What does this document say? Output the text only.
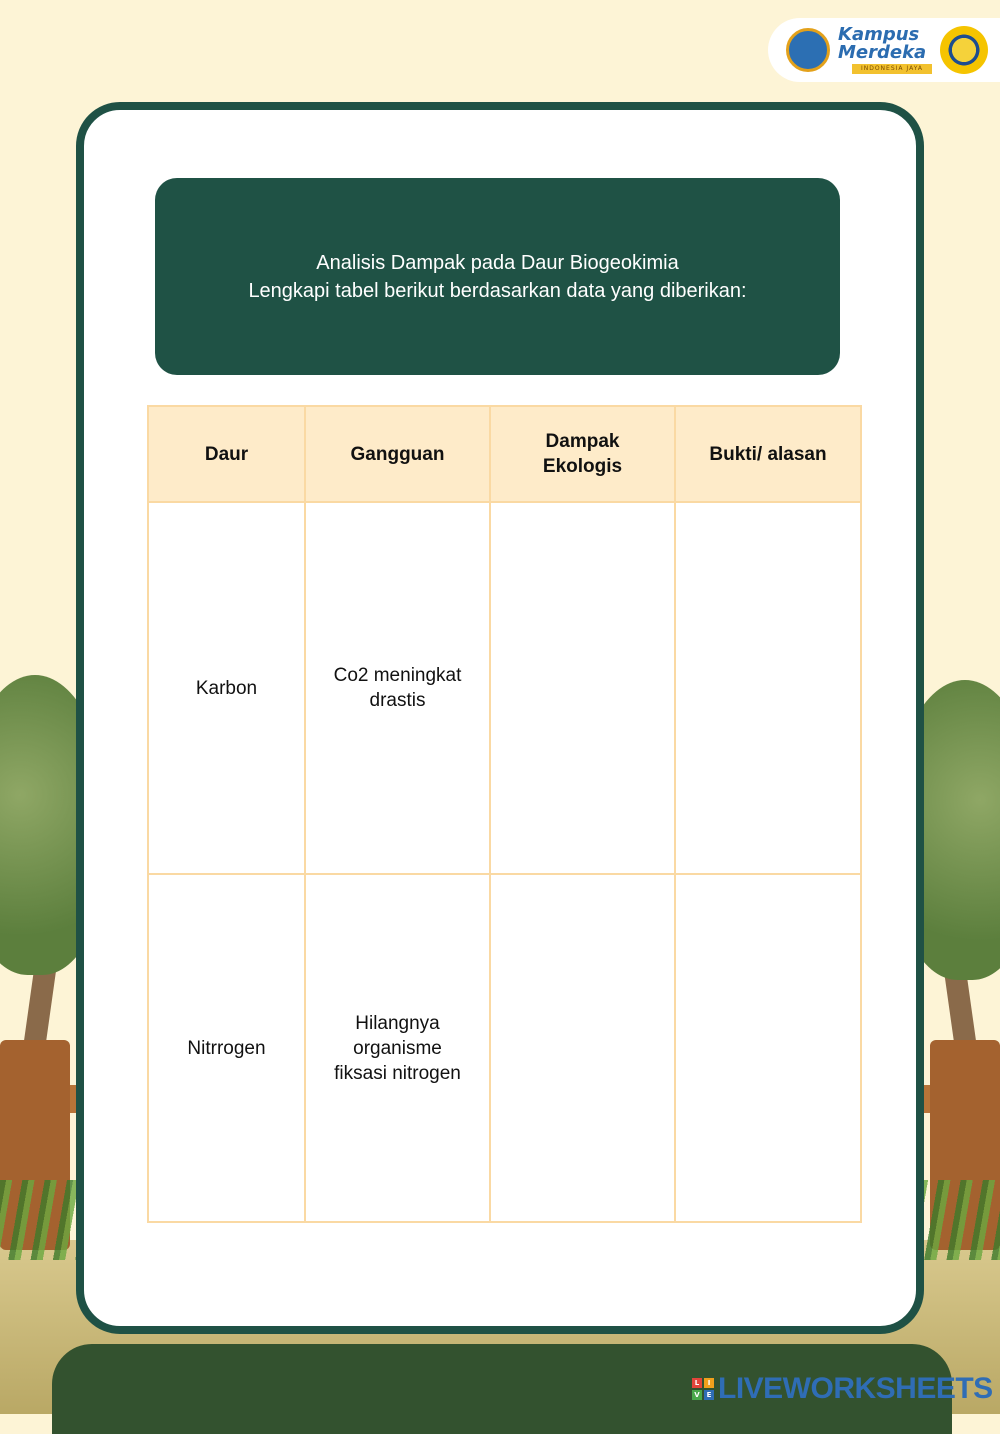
Kampus
Merdeka
INDONESIA JAYA
Analisis Dampak pada Daur Biogeokimia
Lengkapi tabel berikut berdasarkan data yang diberikan:
Daur	Gangguan	Dampak Ekologis	Bukti/ alasan
Karbon	Co2 meningkat drastis		
Nitrrogen	Hilangnya organisme fiksasi nitrogen		
L	I
V E LIVEWORKSHEETS
